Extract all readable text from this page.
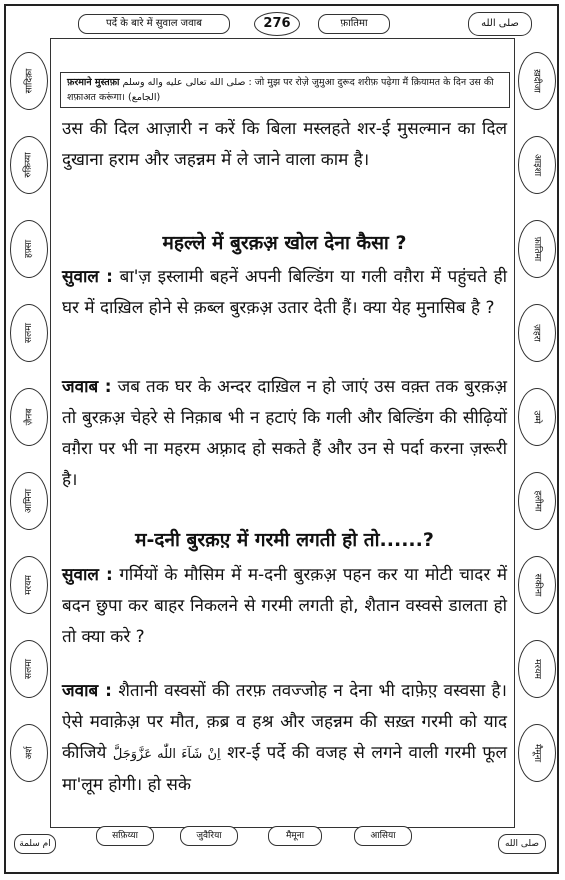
पर्दे के बारे में सुवाल जवाब	276	फ़ातिमा	صلى الله
सादिक़ा
रुक़िय्या
हफ़्सा
सलमा
ज़ैनब
आमिना
मरयम
सलमा
अर्श
ख़दीजा
आइशा
फ़ातिमा
ज़हरा
उम्मे
हलीमा
सकीना
मरयम
मैमूना
फ़रमाने मुस्तफ़ा صلى الله تعالى عليه واله وسلم : जो मुझ पर रोज़े जुमुआ दुरूद शरीफ़ पढ़ेगा मैं क़ियामत के दिन उस की शफ़ाअत करूंगा। (الجامع)
उस की दिल आज़ारी न करें कि बिला मस्लहते शर-ई मुसल्मान का दिल दुखाना हराम और जहन्नम में ले जाने वाला काम है।
महल्ले में बुरक़अ़ खोल देना कैसा ?
सुवाल : बा'ज़ इस्लामी बहनें अपनी बिल्डिंग या गली वग़ैरा में पहुंचते ही घर में दाख़िल होने से क़ब्ल बुरक़अ़ उतार देती हैं। क्या येह मुनासिब है ?
जवाब : जब तक घर के अन्दर दाख़िल न हो जाएं उस वक़्त तक बुरक़अ़ तो बुरक़अ़ चेहरे से निक़ाब भी न हटाएं कि गली और बिल्डिंग की सीढ़ियों वग़ैरा पर भी ना महरम अफ़्राद हो सकते हैं और उन से पर्दा करना ज़रूरी है।
म-दनी बुरक़ए़ में गरमी लगती हो तो......?
सुवाल : गर्मियों के मौसिम में म-दनी बुरक़अ़ पहन कर या मोटी चादर में बदन छुपा कर बाहर निकलने से गरमी लगती हो, शैतान वस्वसे डालता हो तो क्या करे ?
जवाब : शैतानी वस्वसों की तरफ़ तवज्जोह न देना भी दाफ़ेए़ वस्वसा है। ऐसे मवाक़ेअ़ पर मौत, क़ब्र व हश्र और जहन्नम की सख़्त गरमी को याद कीजिये اِنْ شَآءَ اللّٰه عَزَّوَجَلَّ शर-ई पर्दे की वजह से लगने वाली गरमी फूल मा'लूम होगी। हो सके
सफ़िय्या	जुवैरिया	मैमूना	आसिया
ام سلمة	صلى الله
